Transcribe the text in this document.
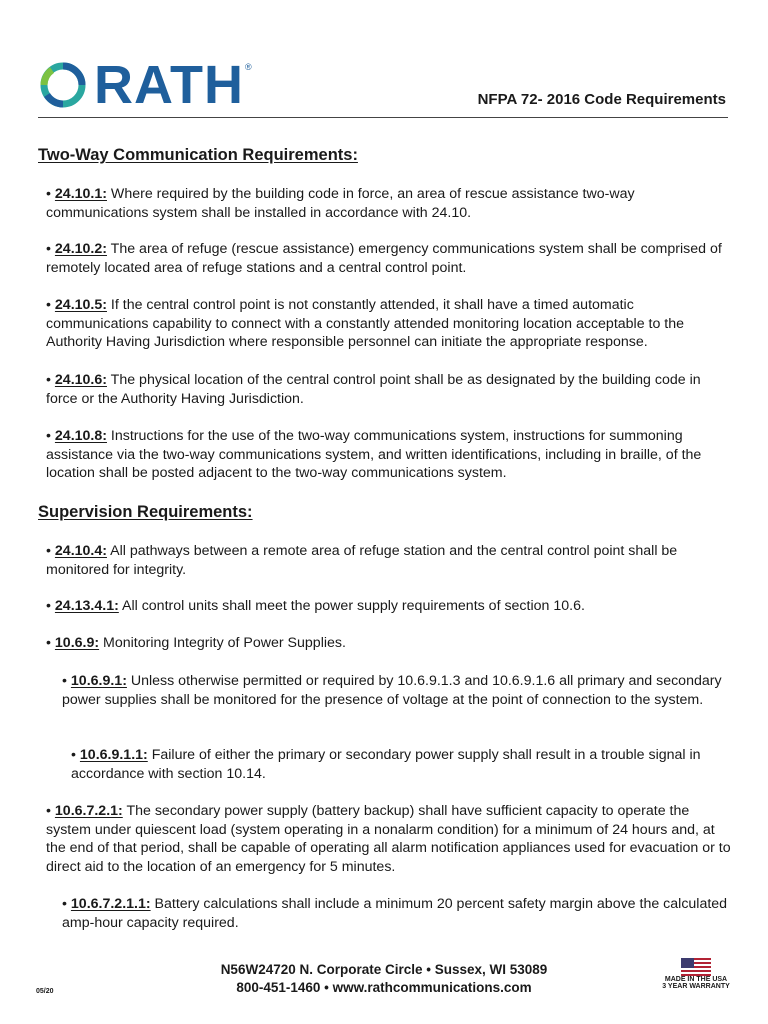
RATH ®
NFPA 72- 2016 Code Requirements
Two-Way Communication Requirements:
• 24.10.1: Where required by the building code in force, an area of rescue assistance two-way communications system shall be installed in accordance with 24.10.
• 24.10.2: The area of refuge (rescue assistance) emergency communications system shall be comprised of remotely located area of refuge stations and a central control point.
• 24.10.5: If the central control point is not constantly attended, it shall have a timed automatic communications capability to connect with a constantly attended monitoring location acceptable to the Authority Having Jurisdiction where responsible personnel can initiate the appropriate response.
• 24.10.6: The physical location of the central control point shall be as designated by the building code in force or the Authority Having Jurisdiction.
• 24.10.8: Instructions for the use of the two-way communications system, instructions for summoning assistance via the two-way communications system, and written identifications, including in braille, of the location shall be posted adjacent to the two-way communications system.
Supervision Requirements:
• 24.10.4: All pathways between a remote area of refuge station and the central control point shall be monitored for integrity.
• 24.13.4.1: All control units shall meet the power supply requirements of section 10.6.
• 10.6.9: Monitoring Integrity of Power Supplies.
• 10.6.9.1: Unless otherwise permitted or required by 10.6.9.1.3 and 10.6.9.1.6 all primary and secondary power supplies shall be monitored for the presence of voltage at the point of connection to the system.
• 10.6.9.1.1: Failure of either the primary or secondary power supply shall result in a trouble signal in accordance with section 10.14.
• 10.6.7.2.1: The secondary power supply (battery backup) shall have sufficient capacity to operate the system under quiescent load (system operating in a nonalarm condition) for a minimum of 24 hours and, at the end of that period, shall be capable of operating all alarm notification appliances used for evacuation or to direct aid to the location of an emergency for 5 minutes.
• 10.6.7.2.1.1: Battery calculations shall include a minimum 20 percent safety margin above the calculated amp-hour capacity required.
N56W24720 N. Corporate Circle • Sussex, WI 53089
800-451-1460 • www.rathcommunications.com
05/20
MADE IN THE USA
3 YEAR WARRANTY
